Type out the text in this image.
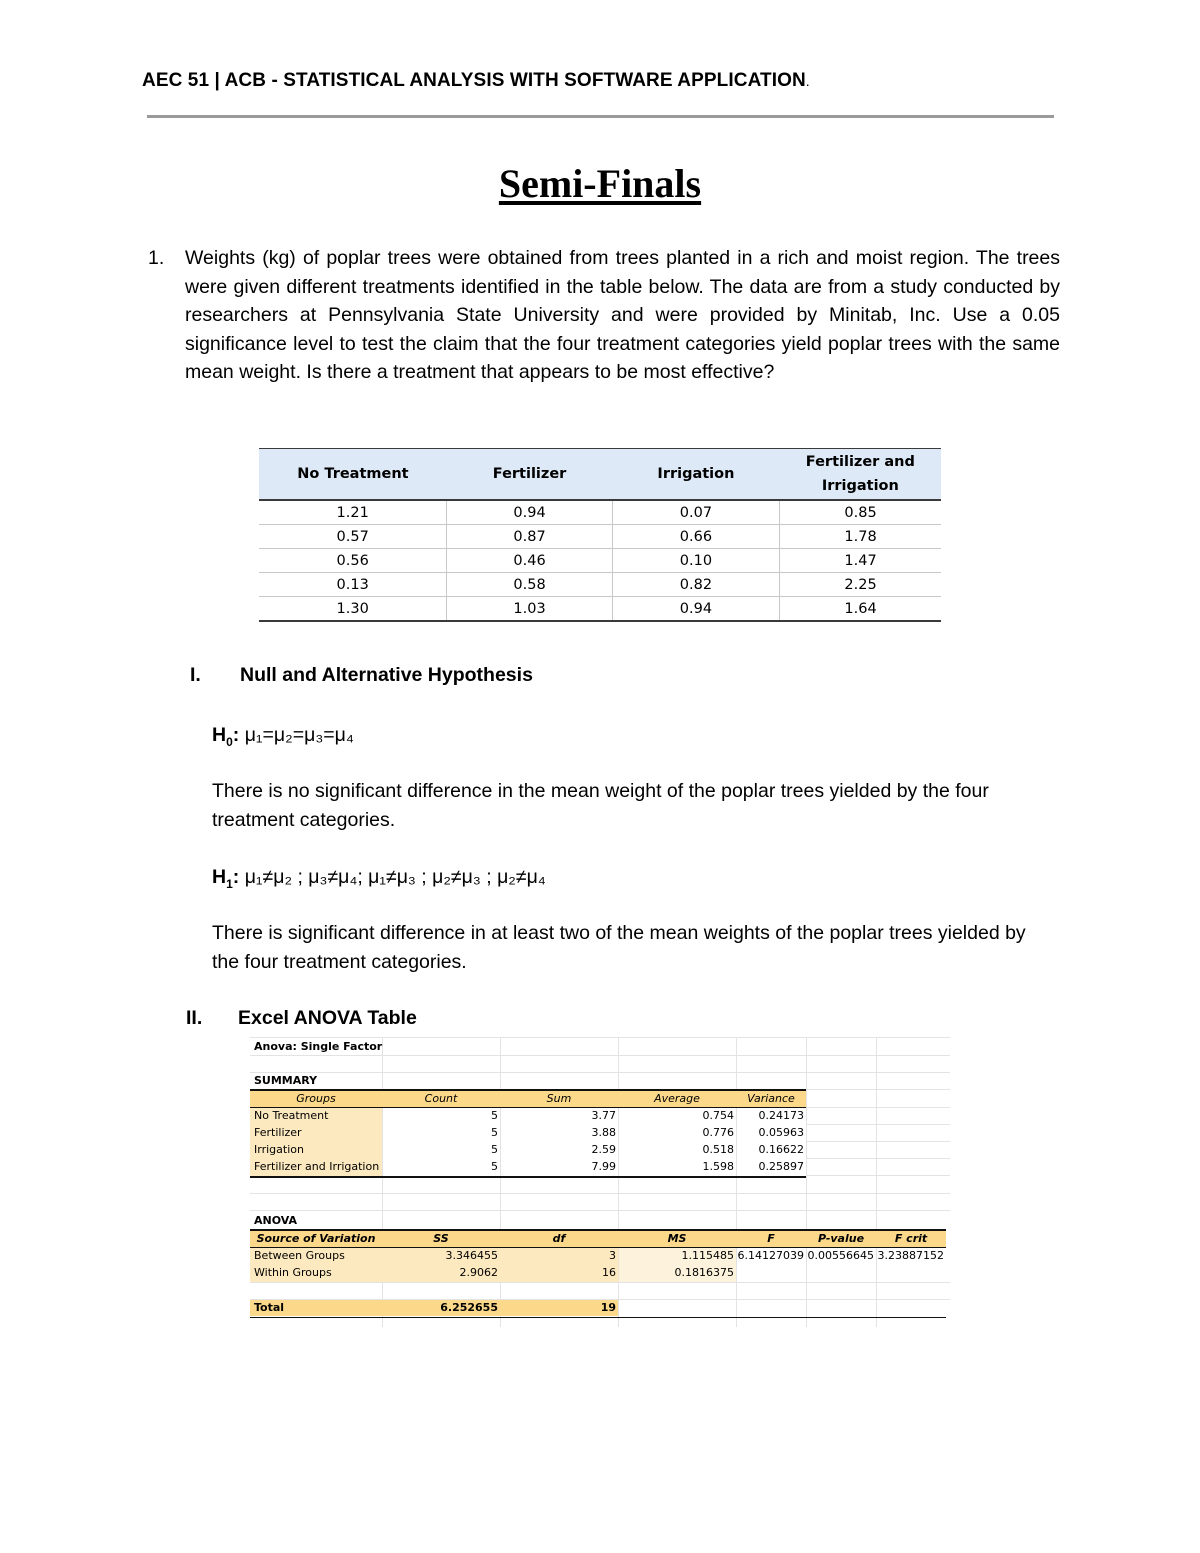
AEC 51 | ACB - STATISTICAL ANALYSIS WITH SOFTWARE APPLICATION.
Semi-Finals
1. Weights (kg) of poplar trees were obtained from trees planted in a rich and moist region. The trees were given different treatments identified in the table below. The data are from a study conducted by researchers at Pennsylvania State University and were provided by Minitab, Inc. Use a 0.05 significance level to test the claim that the four treatment categories yield poplar trees with the same mean weight. Is there a treatment that appears to be most effective?
No Treatment	Fertilizer	Irrigation	Fertilizer and Irrigation
1.21	0.94	0.07	0.85
0.57	0.87	0.66	1.78
0.56	0.46	0.10	1.47
0.13	0.58	0.82	2.25
1.30	1.03	0.94	1.64
I. Null and Alternative Hypothesis
$H_0$: μ₁=μ₂=μ₃=μ₄
There is no significant difference in the mean weight of the poplar trees yielded by the four treatment categories.
$H_1$: μ₁≠μ₂ ; μ₃≠μ₄; μ₁≠μ₃ ; μ₂≠μ₃ ; μ₂≠μ₄
There is significant difference in at least two of the mean weights of the poplar trees yielded by the four treatment categories.
II. Excel ANOVA Table
Anova: Single Factor
SUMMARY
Groups	Count	Sum	Average	Variance
No Treatment	5	3.77	0.754	0.24173
Fertilizer	5	3.88	0.776	0.05963
Irrigation	5	2.59	0.518	0.16622
Fertilizer and Irrigation	5	7.99	1.598	0.25897
ANOVA
Source of Variation	SS	df	MS	F	P-value	F crit
Between Groups	3.346455	3	1.115485 6.14127039 0.00556645 3.23887152
Within Groups	2.9062	16	0.1816375
Total	6.252655	19
